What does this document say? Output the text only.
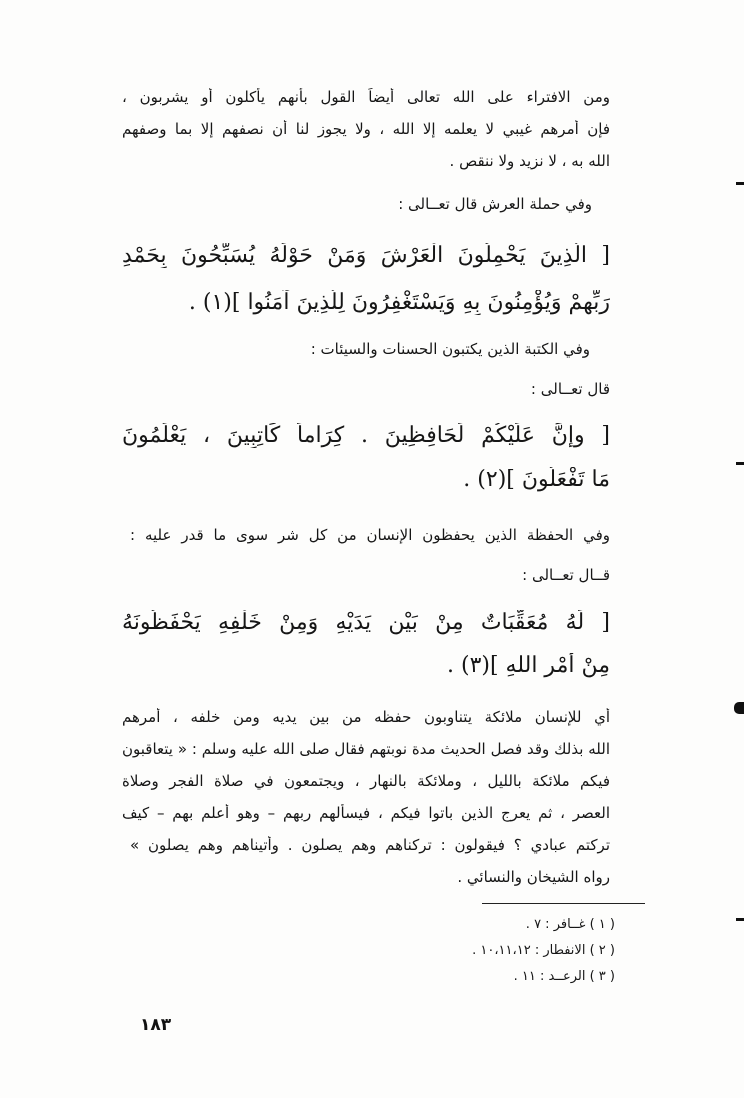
ومن الافتراء على الله تعالى أيضاً القول بأنهم يأكلون أو يشربون ،
فإن أمرهم غيبي لا يعلمه إلا الله ، ولا يجوز لنا أن نصفهم إلا بما وصفهم
الله به ، لا نزيد ولا ننقص .
وفي حملة العرش قال تعــالى :
[ الَّذِينَ يَحْمِلُونَ الْعَرْشَ وَمَنْ حَوْلَهُ يُسَبِّحُونَ بِحَمْدِ
رَبِّهِمْ وَيُؤْمِنُونَ بِهِ وَيَسْتَغْفِرُونَ لِلَّذِينَ آمَنُوا ](١) .
وفي الكتبة الذين يكتبون الحسنات والسيئات :
قال تعــالى :
[ وإِنَّ عَلَيْكُمْ لَحَافِظِينَ . كِرَاماً كَاتِبِينَ ، يَعْلَمُونَ
مَا تَفْعَلُونَ ](٢) .
وفي الحفظة الذين يحفظون الإنسان من كل شر سوى ما قدر عليه :
قــال تعــالى :
[ لَهُ مُعَقِّبَاتٌ مِنْ بَيْنِ يَدَيْهِ وَمِنْ خَلْفِهِ يَحْفَظُونَهُ
مِنْ أَمْرِ اللهِ ](٣) .
أي للإنسان ملائكة يتناوبون حفظه من بين يديه ومن خلفه ، أمرهم
الله بذلك وقد فصل الحديث مدة نوبتهم فقال صلى الله عليه وسلم : « يتعاقبون
فيكم ملائكة بالليل ، وملائكة بالنهار ، ويجتمعون في صلاة الفجر وصلاة
العصر ، ثم يعرج الذين باتوا فيكم ، فيسألهم ربهم – وهو أعلم بهم – كيف
تركتم عبادي ؟ فيقولون : تركناهم وهم يصلون . وأتيناهم وهم يصلون »
رواه الشيخان والنسائي .
( ١ ) غــافر : ٧ .
( ٢ ) الانفطار : ١٠،١١،١٢ .
( ٣ ) الرعــد : ١١ .
١٨٣
